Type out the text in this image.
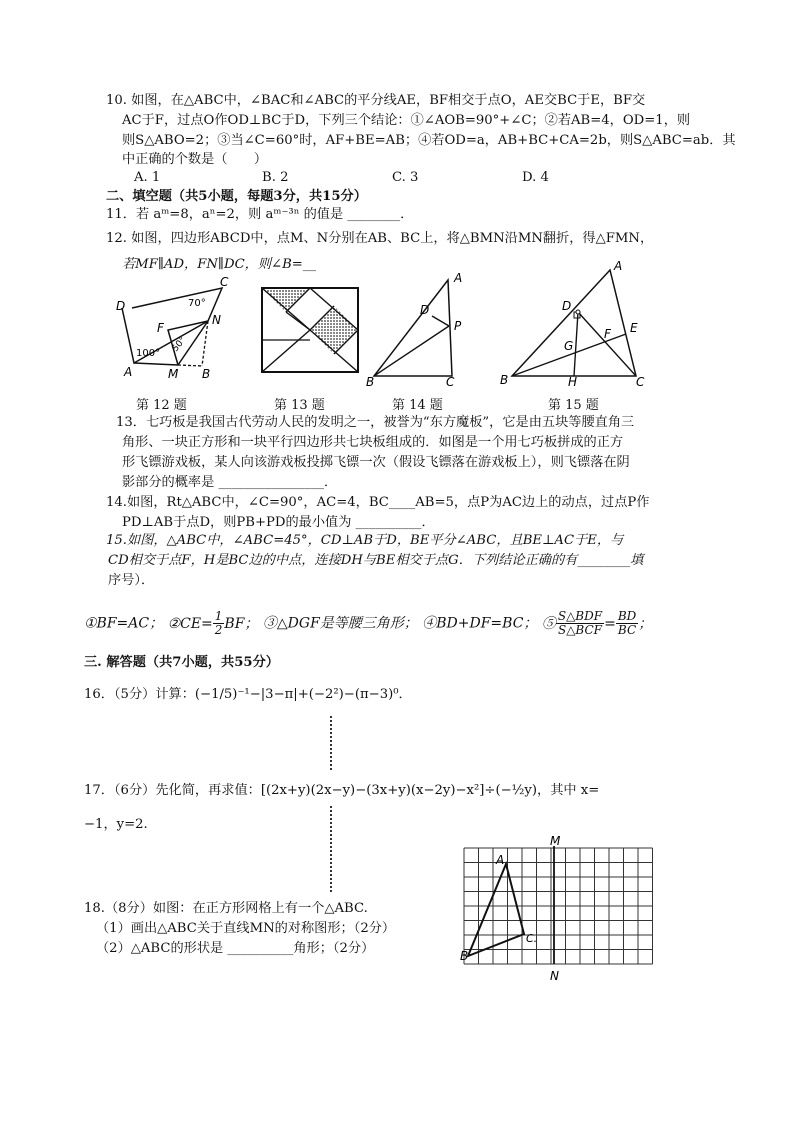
10. 如图，在△ABC中，∠BAC和∠ABC的平分线AE，BF相交于点O，AE交BC于E，BF交
AC于F，过点O作OD⊥BC于D，下列三个结论：①∠AOB=90°+∠C；②若AB=4，OD=1，则
则S△ABO=2；③当∠C=60°时，AF+BE=AB；④若OD=a，AB+BC+CA=2b，则S△ABC=ab．其
中正确的个数是（　　）
A. 1	B. 2	C. 3	D. 4
二、填空题（共5小题，每题3分，共15分）
11．若 aᵐ=8，aⁿ=2，则 aᵐ⁻³ⁿ 的值是 ________．
12. 如图，四边形ABCD中，点M、N分别在AB、BC上，将△BMN沿MN翻折，得△FMN，
若MF∥AD，FN∥DC，则∠B=__
D
C
A	M B
N
F
70°
100° 50°
A
D
P
B	C
A
D
E
F
G
H
B	C
第 12 题	第 13 题	第 14 题	第 15 题
13．七巧板是我国古代劳动人民的发明之一，被誉为“东方魔板”，它是由五块等腰直角三
角形、一块正方形和一块平行四边形共七块板组成的．如图是一个用七巧板拼成的正方
形飞镖游戏板，某人向该游戏板投掷飞镖一次（假设飞镖落在游戏板上），则飞镖落在阴
影部分的概率是 ________________．
14.如图，Rt△ABC中，∠C=90°，AC=4，BC____AB=5，点P为AC边上的动点，过点P作
PD⊥AB于点D，则PB+PD的最小值为 __________．
15.如图，△ABC中，∠ABC=45°，CD⊥AB于D，BE平分∠ABC，且BE⊥AC于E，与
CD相交于点F，H是BC边的中点，连接DH与BE相交于点G．下列结论正确的有________填
序号）．
①BF=AC； ②CE= $\frac{1}{2}$ BF； ③△DGF是等腰三角形； ④BD+DF=BC； ⑤ $\frac{\text{S△BDF}}{\text{S△BCF}} = \frac{BD}{BC}$ ；
三. 解答题（共7小题，共55分）
16．（5分）计算：(−1/5)⁻¹−|3−π|+(−2²)−(π−3)⁰．
17．（6分）先化简，再求值：[(2x+y)(2x−y)−(3x+y)(x−2y)−x²]÷(−½y)，其中 x=
−1，y=2.
18.（8分）如图：在正方形网格上有一个△ABC.
（1）画出△ABC关于直线MN的对称图形；（2分）
（2）△ABC的形状是 __________角形；（2分）
M
N
A
B
C.
